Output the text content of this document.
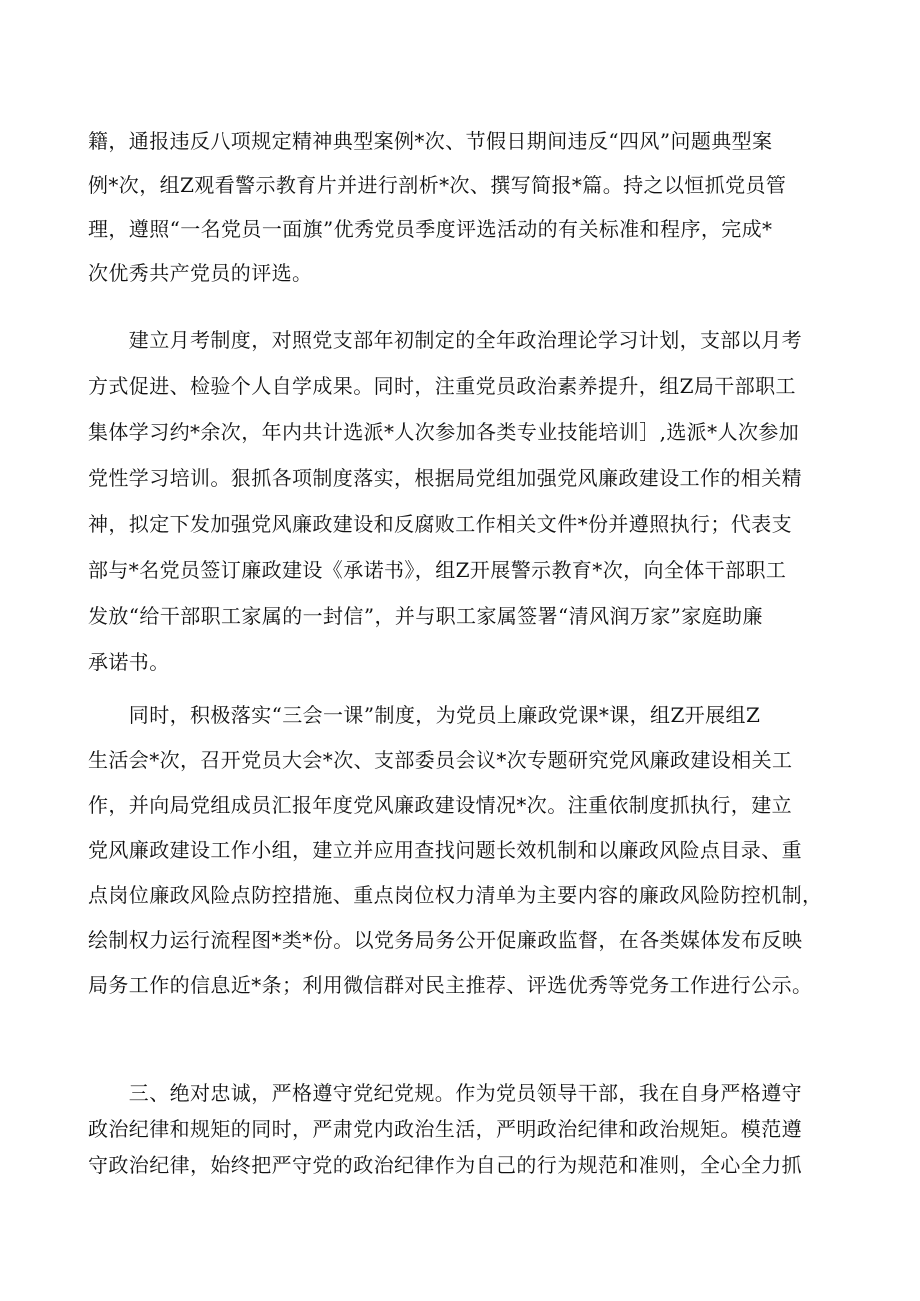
籍，通报违反八项规定精神典型案例*次、节假日期间违反“四风”问题典型案
例*次，组Z观看警示教育片并进行剖析*次、撰写简报*篇。持之以恒抓党员管
理，遵照“一名党员一面旗”优秀党员季度评选活动的有关标准和程序，完成*
次优秀共产党员的评选。
　　建立月考制度，对照党支部年初制定的全年政治理论学习计划，支部以月考
方式促进、检验个人自学成果。同时，注重党员政治素养提升，组Z局干部职工
集体学习约*余次，年内共计选派*人次参加各类专业技能培训］,选派*人次参加
党性学习培训。狠抓各项制度落实，根据局党组加强党风廉政建设工作的相关精
神，拟定下发加强党风廉政建设和反腐败工作相关文件*份并遵照执行；代表支
部与*名党员签订廉政建设《承诺书》，组Z开展警示教育*次，向全体干部职工
发放“给干部职工家属的一封信”，并与职工家属签署“清风润万家”家庭助廉
承诺书。
　　同时，积极落实“三会一课”制度，为党员上廉政党课*课，组Z开展组Z
生活会*次，召开党员大会*次、支部委员会议*次专题研究党风廉政建设相关工
作，并向局党组成员汇报年度党风廉政建设情况*次。注重依制度抓执行，建立
党风廉政建设工作小组，建立并应用查找问题长效机制和以廉政风险点目录、重
点岗位廉政风险点防控措施、重点岗位权力清单为主要内容的廉政风险防控机制，
绘制权力运行流程图*类*份。以党务局务公开促廉政监督，在各类媒体发布反映
局务工作的信息近*条；利用微信群对民主推荐、评选优秀等党务工作进行公示。
　　三、绝对忠诚，严格遵守党纪党规。作为党员领导干部，我在自身严格遵守
政治纪律和规矩的同时，严肃党内政治生活，严明政治纪律和政治规矩。模范遵
守政治纪律，始终把严守党的政治纪律作为自己的行为规范和准则，全心全力抓
